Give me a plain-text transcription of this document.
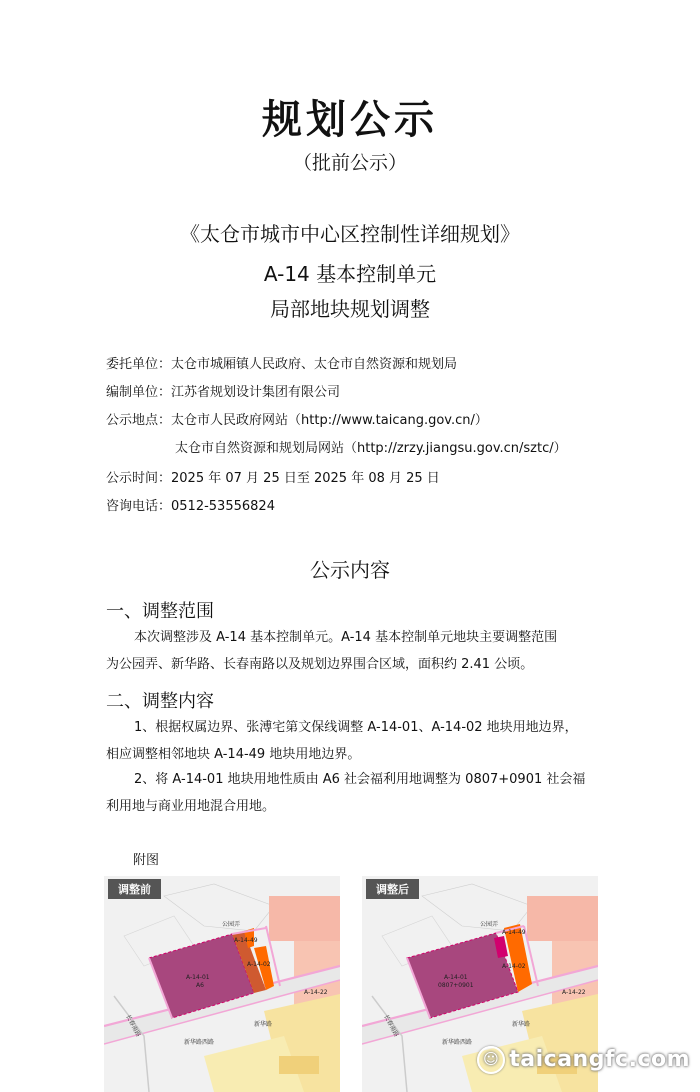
规划公示
（批前公示）
《太仓市城市中心区控制性详细规划》
A-14 基本控制单元
局部地块规划调整
委托单位：太仓市城厢镇人民政府、太仓市自然资源和规划局
编制单位：江苏省规划设计集团有限公司
公示地点：太仓市人民政府网站（http://www.taicang.gov.cn/）
太仓市自然资源和规划局网站（http://zrzy.jiangsu.gov.cn/sztc/）
公示时间：2025 年 07 月 25 日至 2025 年 08 月 25 日
咨询电话：0512-53556824
公示内容
一、调整范围
本次调整涉及 A-14 基本控制单元。A-14 基本控制单元地块主要调整范围
为公园弄、新华路、长春南路以及规划边界围合区域，面积约 2.41 公顷。
二、调整内容
1、根据权属边界、张溥宅第文保线调整 A-14-01、A-14-02 地块用地边界，
相应调整相邻地块 A-14-49 地块用地边界。
2、将 A-14-01 地块用地性质由 A6 社会福利用地调整为 0807+0901 社会福
利用地与商业用地混合用地。
附图
A-14-01
A6
A-14-02
A-14-49
A-14-22
公园弄
新华路
新华路西路
长春南路
调整前
A-14-01
0807+0901
A-14-02
A-14-49
A-14-22
公园弄
新华路
新华路西路
长春南路
调整后
☺ taicangfc.com
